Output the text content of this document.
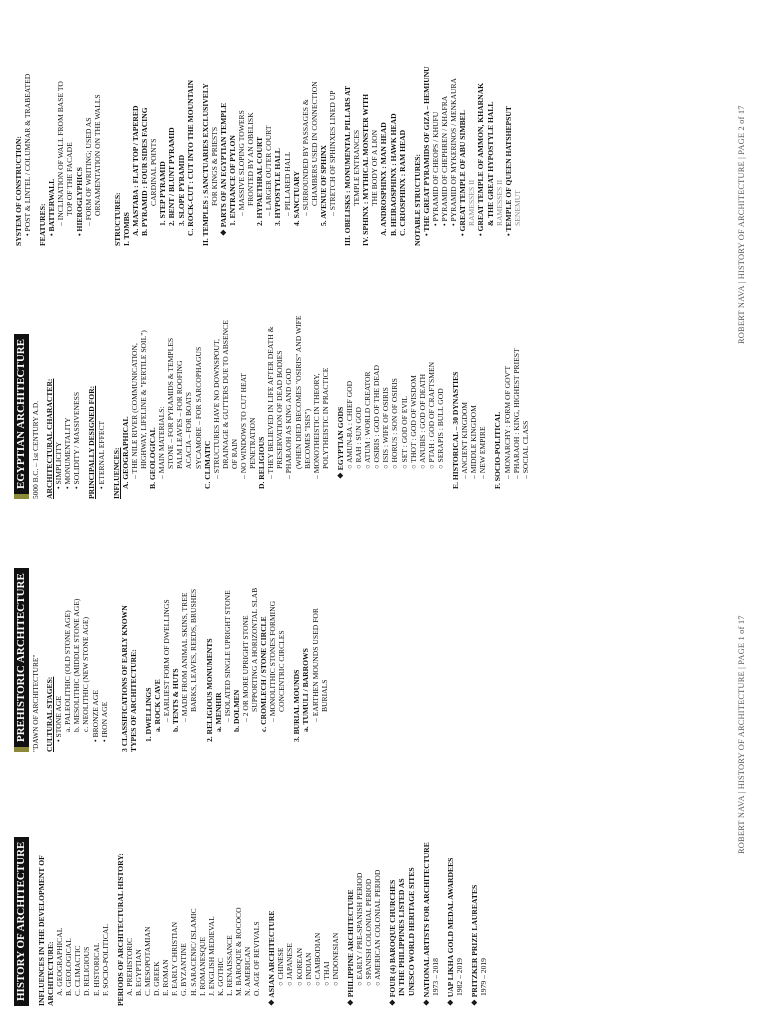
HISTORY OF ARCHITECTURE INFLUENCES IN THE DEVELOPMENT OF ARCHITECTURE: A. GEOGRAPHICAL B. GEOLOGICAL C. CLIMACTIC D. RELIGIOUS E. HISTORICAL F. SOCIO-POLITICAL PERIODS OF ARCHITECTURAL HISTORY: A. PREHISTORIC B. EGYPTIAN C. MESOPOTAMIAN D. GREEK E. ROMAN F. EARLY CHRISTIAN G. BYZANTINE H. SARACENIC/ ISLAMIC I. ROMANESQUE J. ENGLISH MEDIEVAL K. GOTHIC L. RENAISSANCE M. BAROQUE & ROCOCO N. AMERICAN O. AGE OF REVIVALS ❖ ASIAN ARCHITECTURE ○ CHINESE ○ JAPANESE ○ KOREAN ○ INDIAN ○ CAMBODIAN ○ THAI ○ INDONESIAN ❖ PHILIPPINE ARCHITECTURE ○ EARLY / PRE-SPANISH PERIOD ○ SPANISH COLONIAL PERIOD ○ AMERICAN COLONIAL PERIOD ❖ FOUR (4) BAROQUE CHURCHES IN THE PHILIPPINES LISTED AS UNESCO WORLD HERITAGE SITES ❖ NATIONAL ARTISTS FOR ARCHITECTURE 1973 – 2018 ❖ UAP LIKHA GOLD MEDAL AWARDEES 1982 – 2019 ❖ PRITZKER PRIZE LAUREATES 1979 – 2019
PREHISTORIC ARCHITECTURE "DAWN OF ARCHITECTURE" CULTURAL STAGES: • STONE AGE a. PALEOLITHIC (OLD STONE AGE) b. MESOLITHIC (MIDDLE STONE AGE) c. NEOLITHIC (NEW STONE AGE) • BRONZE AGE • IRON AGE 3 CLASSIFICATIONS OF EARLY KNOWN TYPES OF ARCHITECTURE: 1. DWELLINGS a. ROCK CAVE – EARLIEST FORM OF DWELLINGS b. TENTS & HUTS – MADE FROM ANIMAL SKINS, TREE BARKS, LEAVES, REEDS, BRUSHES 2. RELIGIOUS MONUMENTS a. MENHIR – ISOLATED SINGLE UPRIGHT STONE b. DOLMEN – 2 OR MORE UPRIGHT STONE SUPPORTING A HORIZONTAL SLAB c. CROMLECH / STONE CIRCLE – MONOLITHIC STONES FORMING CONCENTRIC CIRCLES 3. BURIAL MOUNDS a. TUMULI / BARROWS – EARTHEN MOUNDS USED FOR BURIALS
EGYPTIAN ARCHITECTURE 5000 B.C. – 1st CENTURY A.D. ARCHITECTURAL CHARACTER: • SIMPLICITY • MONUMENTALITY • SOLIDITY / MASSIVENESS PRINCIPALLY DESIGNED FOR: • ETERNAL EFFECT INFLUENCES: A. GEOGRAPHICAL – THE NILE RIVER (COMMUNICATION, HIGHWAY, LIFELINE & "FERTILE SOIL") B. GEOLOGICAL – MAIN MATERIALS: STONE – FOR PYRAMIDS & TEMPLES PALM LEAVES – FOR ROOFING ACACIA – FOR BOATS SYCAMORE – FOR SARCOPHAGUS C. CLIMATIC – STRUCTURES HAVE NO DOWNSPOUT, DRAINAGE & GUTTERS DUE TO ABSENCE OF RAIN – NO WINDOWS TO CUT HEAT PENETRATION D. RELIGIOUS – THEY BELIEVED IN LIFE AFTER DEATH & PRESERVATION OF DEAD BODIES – PHARAOH AS KING AND GOD (WHEN DIED BECOMES "OSIRIS" AND WIFE BECOMES "ISIS") – MONOTHEISTIC IN THEORY, POLYTHEISTIC IN PRACTICE ❖ EGYPTIAN GODS ○ AMUN-RA : CHIEF GOD ○ RAH : SUN GOD ○ ATUM : WORLD CREATOR ○ OSIRIS : GOD OF THE DEAD ○ ISIS : WIFE OF OSIRIS ○ HORUS : SON OF OSIRIS ○ SET : GOD OF EVIL ○ THOT : GOD OF WISDOM ○ ANUBIS : GOD OF DEATH ○ PTAH : GOD OF CRAFTSMEN ○ SERAPIS : BULL GOD E. HISTORICAL – 30 DYNASTIES – ANCIENT KINGDOM – MIDDLE KINGDOM – NEW EMPIRE F. SOCIO-POLITICAL – MONARCHY : FORM OF GOV'T – PHARAOH : KING, HIGHEST PRIEST – SOCIAL CLASS
SYSTEM OF CONSTRUCTION: • POST & LINTEL / COLUMNAR & TRABEATED FEATURES: • BATTERWALL – INCLINATION OF WALL FROM BASE TO TOP OF THE FACADE • HIEROGLYPHICS – FORM OF WRITING; USED AS ORNAMENTATION ON THE WALLS
STRUCTURES: I. TOMBS A. MASTABA : FLAT TOP / TAPERED B. PYRAMID : FOUR SIDES FACING CARDINAL POINTS 1. STEP PYRAMID 2. BENT / BLUNT PYRAMID 3. SLOPE PYRAMID C. ROCK-CUT : CUT INTO THE MOUNTAIN II. TEMPLES : SANCTUARIES EXCLUSIVELY FOR KINGS & PRIESTS ❖ PARTS OF AN EGYPTIAN TEMPLE 1. ENTRANCE OF PYLON – MASSIVE SLOPING TOWERS FRONTED BY AN OBELISK 2. HYPAETHRAL COURT – LARGER OUTER COURT 3. HYPOSTYLE HALL – PILLARED HALL 4. SANCTUARY – SURROUNDED BY PASSAGES & CHAMBERS USED IN CONNECTION 5. AVENUE OF SPHINX – STRETCH OF SPHINXES LINED UP III. OBELISKS : MONUMENTAL PILLARS AT TEMPLE ENTRANCES IV. SPHINX : MYTHICAL MONSTER WITH THE BODY OF A LION A. ANDROSPHINX : MAN HEAD B. HEIRAOSPHINX : HAWK HEAD C. CRIOSPHINX : RAM HEAD NOTABLE STRUCTURES: • THE GREAT PYRAMIDS OF GIZA – HEMIUNU • PYRAMID OF CHEOPS / KHUFU • PYRAMID OF CHEPHREN / KHAFRA • PYRAMID OF MYKERINOS / MENKAURA • GREAT TEMPLE OF ABU SIMBEL RAMESSES II • GREAT TEMPLE OF AMMON, KHARNAK & THE GREAT HYPOSTYLE HALL RAMESSES II • TEMPLE OF QUEEN HATSHEPSUT SENEMUT
ROBERT NAVA | HISTORY OF ARCHITECTURE | PAGE 1 of 17
ROBERT NAVA | HISTORY OF ARCHITECTURE | PAGE 2 of 17
